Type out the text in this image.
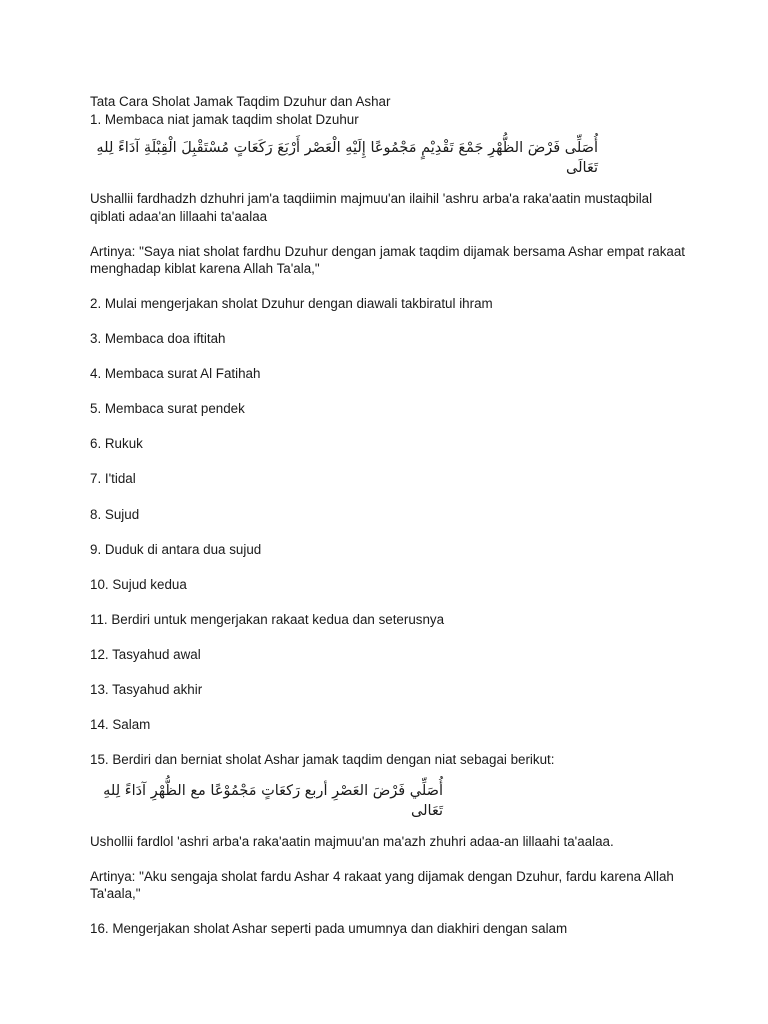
Tata Cara Sholat Jamak Taqdim Dzuhur dan Ashar

1. Membaca niat jamak taqdim sholat Dzuhur

أُصَلِّى فَرْضَ الظُّهْرِ جَمْعَ تَقْدِيْمٍ مَجْمُوعًا إِلَيْهِ الْعَصْر أَرْبَعَ رَكَعَاتٍ مُسْتَقْبِلَ الْقِبْلَةِ آدَاءً لِلهِ تَعَالَى

Ushallii fardhadzh dzhuhri jam'a taqdiimin majmuu'an ilaihil 'ashru arba'a raka'aatin mustaqbilal qiblati adaa'an lillaahi ta'aalaa

Artinya: "Saya niat sholat fardhu Dzuhur dengan jamak taqdim dijamak bersama Ashar empat rakaat menghadap kiblat karena Allah Ta'ala,"

2. Mulai mengerjakan sholat Dzuhur dengan diawali takbiratul ihram

3. Membaca doa iftitah

4. Membaca surat Al Fatihah

5. Membaca surat pendek

6. Rukuk

7. I'tidal

8. Sujud

9. Duduk di antara dua sujud

10. Sujud kedua

11. Berdiri untuk mengerjakan rakaat kedua dan seterusnya

12. Tasyahud awal

13. Tasyahud akhir

14. Salam

15. Berdiri dan berniat sholat Ashar jamak taqdim dengan niat sebagai berikut:

أُصَلِّي فَرْضَ العَصْرِ أربع رَكعَاتٍ مَجْمُوْعًا مع الظُّهْرِ آدَاءً لِلهِ تَعَالى

Ushollii fardlol 'ashri arba'a raka'aatin majmuu'an ma'azh zhuhri adaa-an lillaahi ta'aalaa.

Artinya: "Aku sengaja sholat fardu Ashar 4 rakaat yang dijamak dengan Dzuhur, fardu karena Allah Ta'aala,"

16. Mengerjakan sholat Ashar seperti pada umumnya dan diakhiri dengan salam
